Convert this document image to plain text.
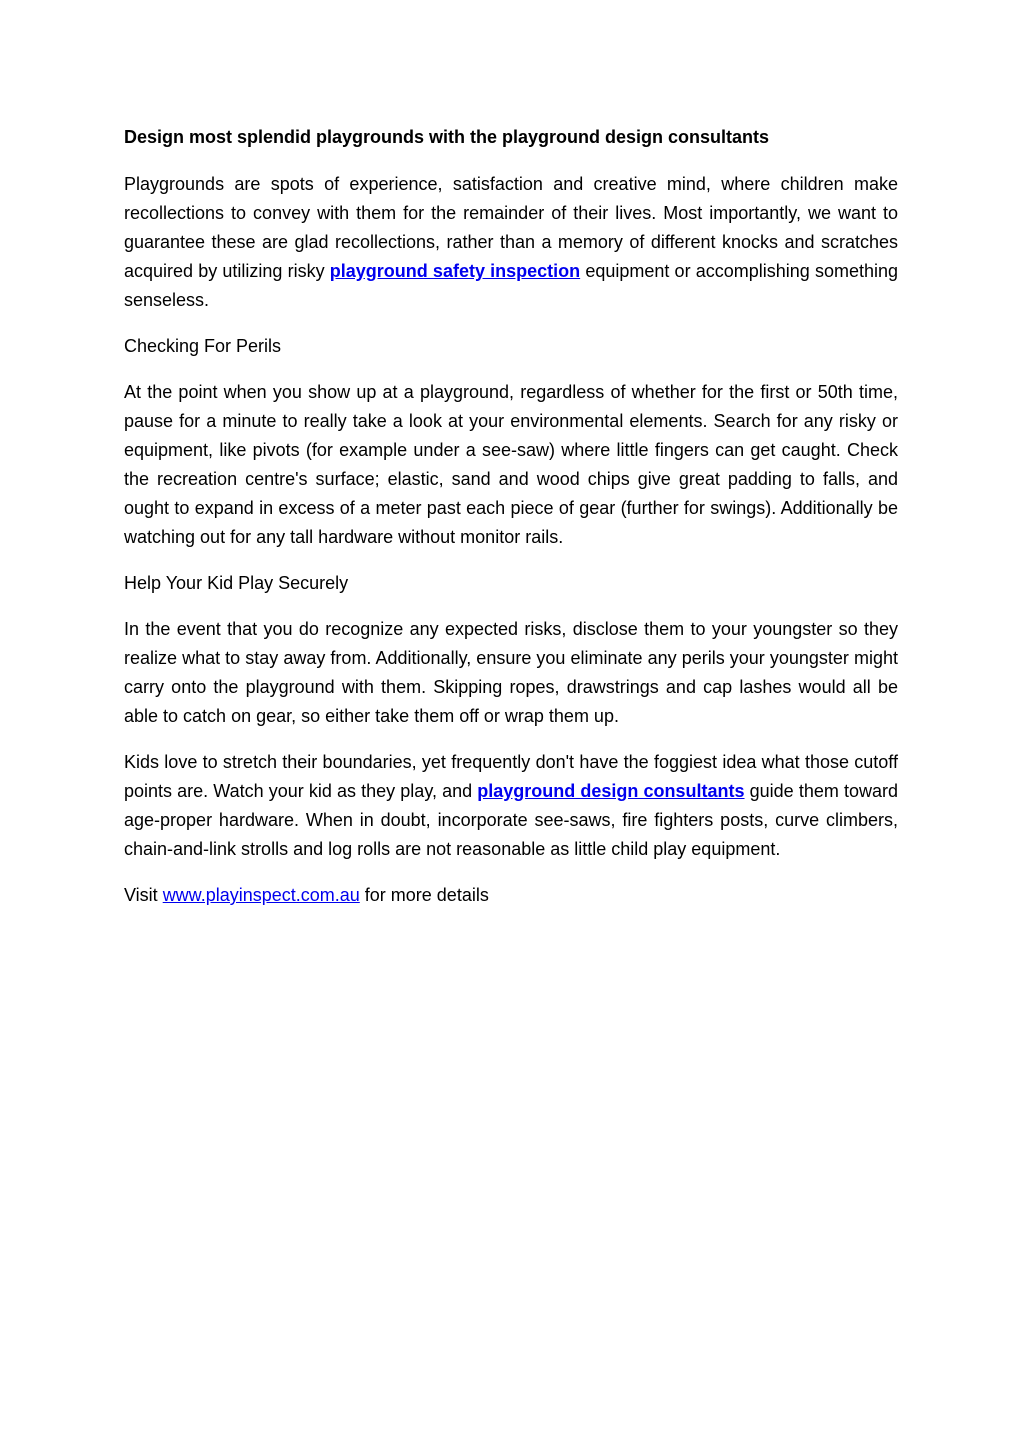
Design most splendid playgrounds with the playground design consultants

Playgrounds are spots of experience, satisfaction and creative mind, where children make recollections to convey with them for the remainder of their lives. Most importantly, we want to guarantee these are glad recollections, rather than a memory of different knocks and scratches acquired by utilizing risky playground safety inspection equipment or accomplishing something senseless.

Checking For Perils

At the point when you show up at a playground, regardless of whether for the first or 50th time, pause for a minute to really take a look at your environmental elements. Search for any risky or equipment, like pivots (for example under a see-saw) where little fingers can get caught. Check the recreation centre's surface; elastic, sand and wood chips give great padding to falls, and ought to expand in excess of a meter past each piece of gear (further for swings). Additionally be watching out for any tall hardware without monitor rails.

Help Your Kid Play Securely

In the event that you do recognize any expected risks, disclose them to your youngster so they realize what to stay away from. Additionally, ensure you eliminate any perils your youngster might carry onto the playground with them. Skipping ropes, drawstrings and cap lashes would all be able to catch on gear, so either take them off or wrap them up.

Kids love to stretch their boundaries, yet frequently don't have the foggiest idea what those cutoff points are. Watch your kid as they play, and playground design consultants guide them toward age-proper hardware. When in doubt, incorporate see-saws, fire fighters posts, curve climbers, chain-and-link strolls and log rolls are not reasonable as little child play equipment.

Visit www.playinspect.com.au for more details
